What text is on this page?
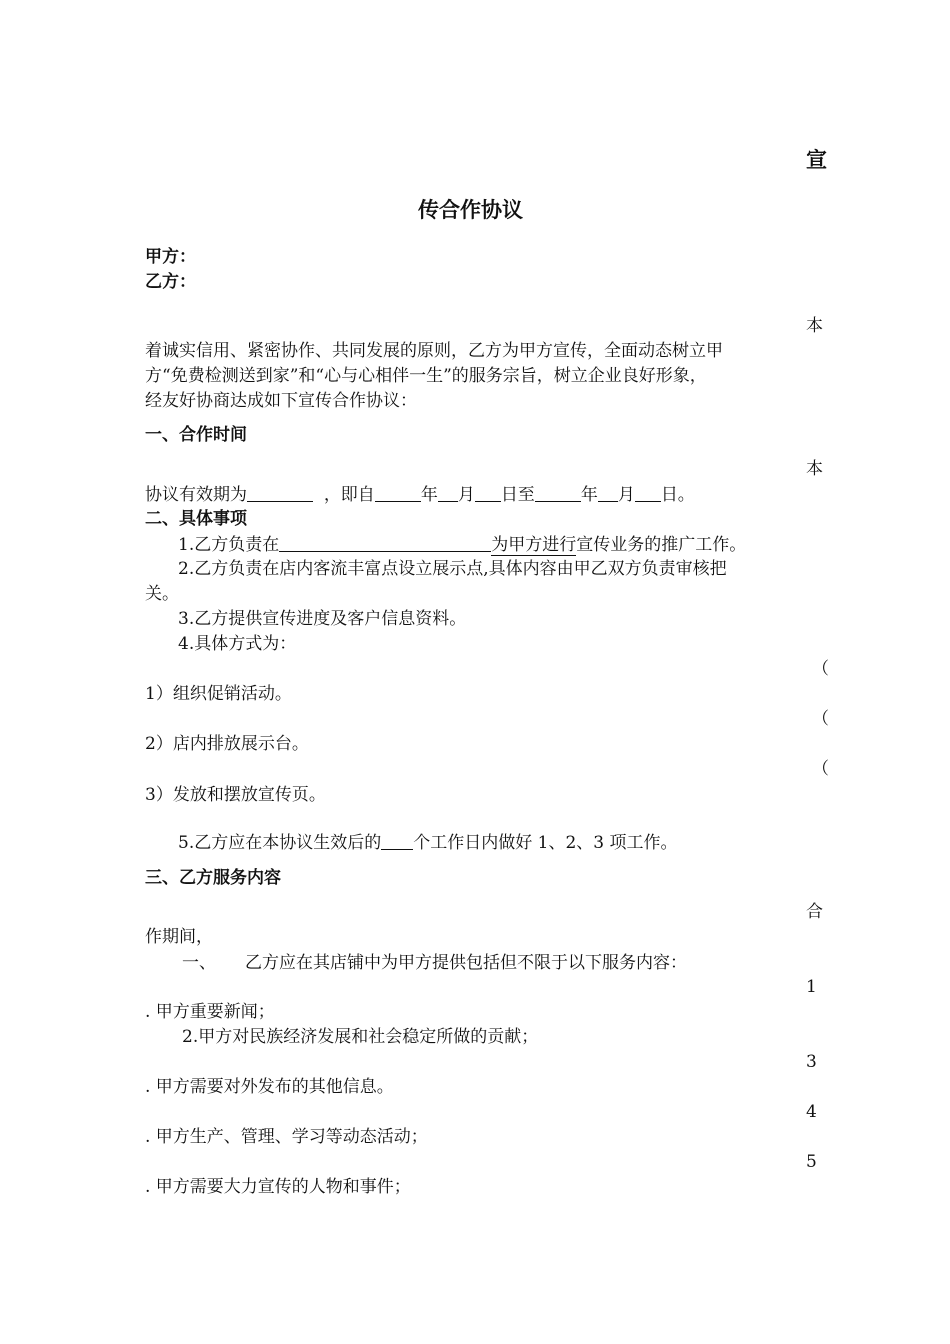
宣
传合作协议
甲方：
乙方：
本
着诚实信用、紧密协作、共同发展的原则，乙方为甲方宣传，全面动态树立甲
方“免费检测送到家”和“心与心相伴一生”的服务宗旨，树立企业良好形象，
经友好协商达成如下宣传合作协议：
一、合作时间
本
协议有效期为	，即自	年 月 日至	年 月 日。
二、具体事项
1.乙方负责在	为甲方进行宣传业务的推广工作。
2.乙方负责在店内客流丰富点设立展示点,具体内容由甲乙双方负责审核把
关。
3.乙方提供宣传进度及客户信息资料。
4.具体方式为：
（
1）组织促销活动。
（
2）店内排放展示台。
（
3）发放和摆放宣传页。
5.乙方应在本协议生效后的 个工作日内做好 1、2、3 项工作。
三、乙方服务内容
合
作期间，
一、 乙方应在其店铺中为甲方提供包括但不限于以下服务内容：
1
. 甲方重要新闻；
2.甲方对民族经济发展和社会稳定所做的贡献；
3
. 甲方需要对外发布的其他信息。
4
. 甲方生产、管理、学习等动态活动；
5
. 甲方需要大力宣传的人物和事件；
